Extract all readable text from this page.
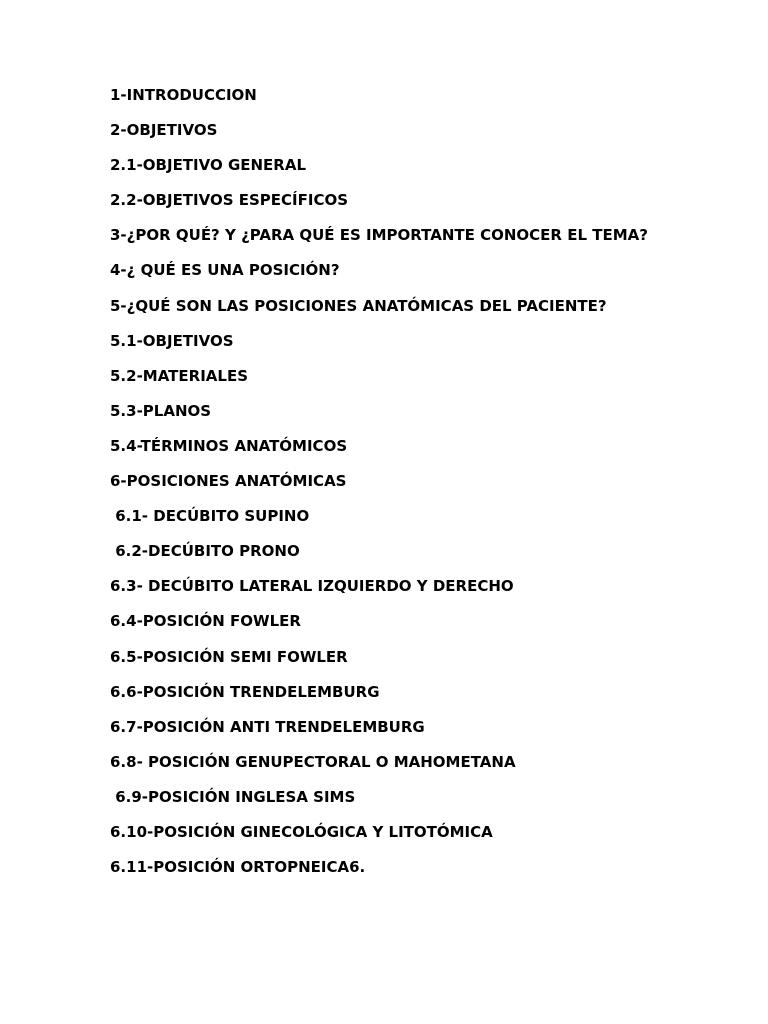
1-INTRODUCCION

2-OBJETIVOS

2.1-OBJETIVO GENERAL

2.2-OBJETIVOS ESPECÍFICOS

3-¿POR QUÉ? Y ¿PARA QUÉ ES IMPORTANTE CONOCER EL TEMA?

4-¿ QUÉ ES UNA POSICIÓN?

5-¿QUÉ SON LAS POSICIONES ANATÓMICAS DEL PACIENTE?

5.1-OBJETIVOS

5.2-MATERIALES

5.3-PLANOS

5.4-TÉRMINOS ANATÓMICOS

6-POSICIONES ANATÓMICAS

6.1- DECÚBITO SUPINO

6.2-DECÚBITO PRONO

6.3- DECÚBITO LATERAL IZQUIERDO Y DERECHO

6.4-POSICIÓN FOWLER

6.5-POSICIÓN SEMI FOWLER

6.6-POSICIÓN TRENDELEMBURG

6.7-POSICIÓN ANTI TRENDELEMBURG

6.8- POSICIÓN GENUPECTORAL O MAHOMETANA

6.9-POSICIÓN INGLESA SIMS

6.10-POSICIÓN GINECOLÓGICA Y LITOTÓMICA

6.11-POSICIÓN ORTOPNEICA6.
